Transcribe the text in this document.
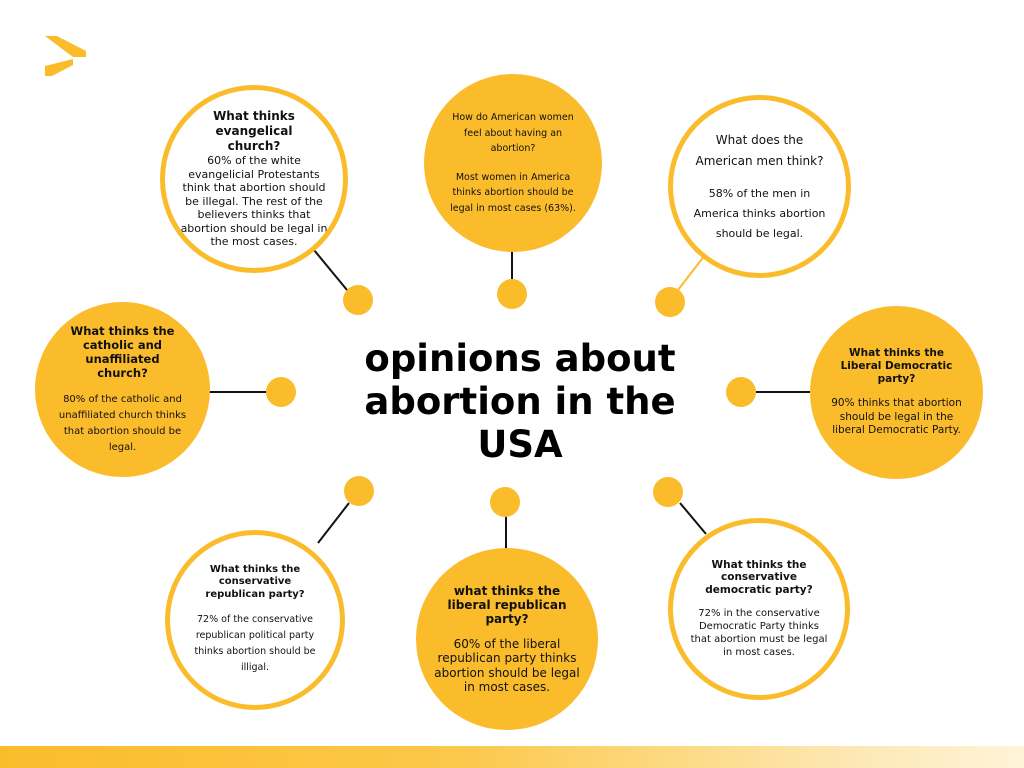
What thinks evangelical church?
60% of the white evangelicial Protestants think that abortion should be illegal. The rest of the believers thinks that abortion should be legal in the most cases.
How do American women feel about having an abortion?
Most women in America thinks abortion should be legal in most cases (63%).
What does the American men think?
58% of the men in America thinks abortion should be legal.
What thinks the catholic and unaffiliated church?
80% of the catholic and unaffiliated church thinks that abortion should be legal.
What thinks the Liberal Democratic party?
90% thinks that abortion should be legal in the liberal Democratic Party.
What thinks the conservative republican party?
72% of the conservative republican political party thinks abortion should be illigal.
what thinks the liberal republican party?
60% of the liberal republican party thinks abortion should be legal in most cases.
What thinks the conservative democratic party?
72% in the conservative Democratic Party thinks that abortion must be legal in most cases.
opinions about abortion in the USA
